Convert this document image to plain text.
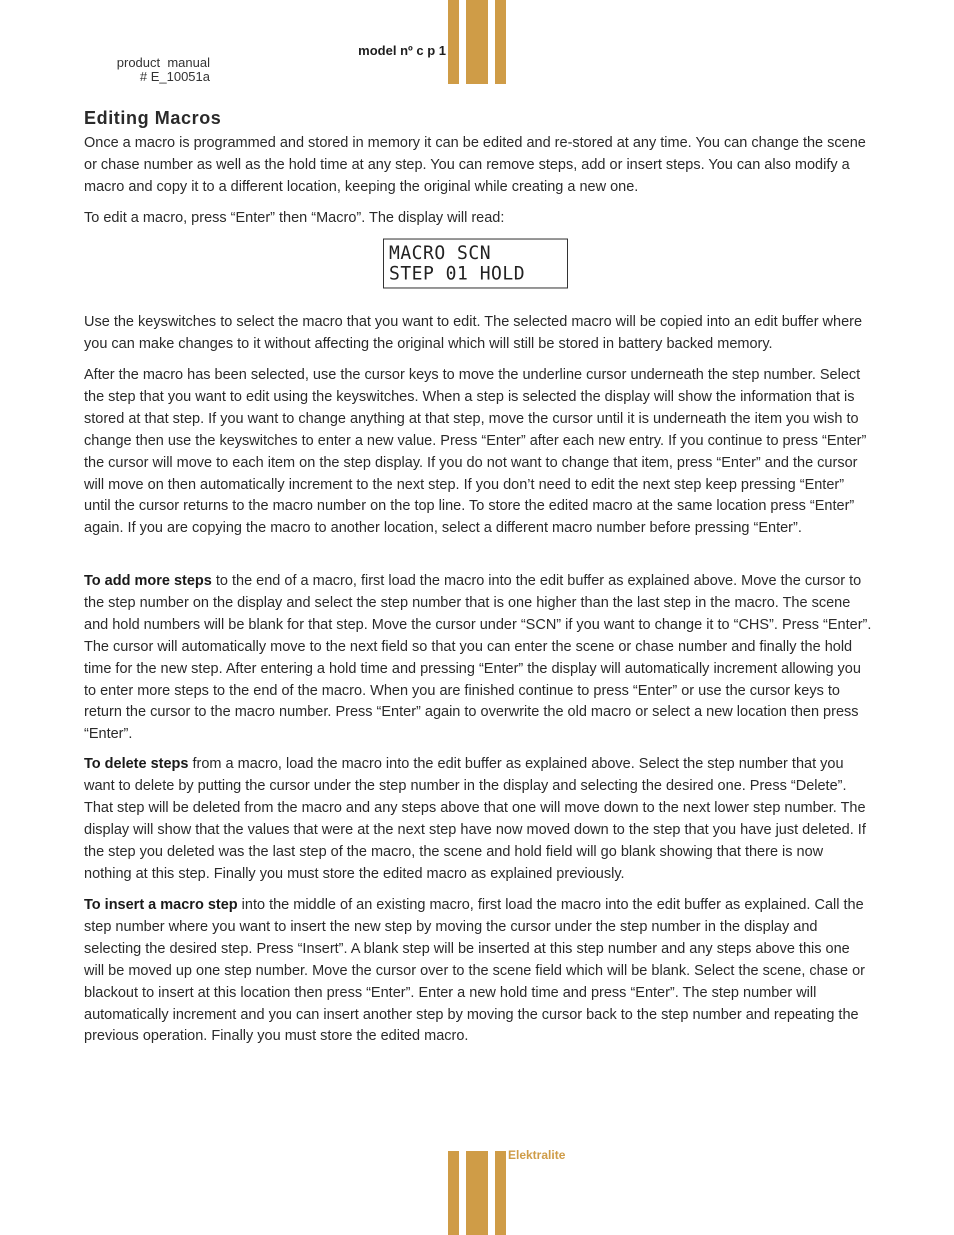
model nº c p 1
product  manual
# E_10051a
Editing Macros

Once a macro is programmed and stored in memory it can be edited and re-stored at any time. You can change the scene or chase number as well as the hold time at any step. You can remove steps, add or insert steps. You can also modify a macro and copy it to a different location, keeping the original while creating a new one.

To edit a macro, press “Enter” then “Macro”. The display will read:

MACRO SCN
STEP 01 HOLD

Use the keyswitches to select the macro that you want to edit. The selected macro will be copied into an edit buffer where you can make changes to it without affecting the original which will still be stored in battery backed memory.

After the macro has been selected, use the cursor keys to move the underline cursor underneath the step number. Select the step that you want to edit using the keyswitches. When a step is selected the display will show the information that is stored at that step. If you want to change anything at that step, move the cursor until it is underneath the item you wish to change then use the keyswitches to enter a new value. Press “Enter” after each new entry. If you continue to press “Enter” the cursor will move to each item on the step display. If you do not want to change that item, press “Enter” and the cursor will move on then automatically increment to the next step. If you don’t need to edit the next step keep pressing “Enter” until the cursor returns to the macro number on the top line. To store the edited macro at the same location press “Enter” again. If you are copying the macro to another location, select a different macro number before pressing “Enter”.

To add more steps to the end of a macro, first load the macro into the edit buffer as explained above. Move the cursor to the step number on the display and select the step number that is one higher than the last step in the macro. The scene and hold numbers will be blank for that step. Move the cursor under “SCN” if you want to change it to “CHS”. Press “Enter”. The cursor will automatically move to the next field so that you can enter the scene or chase number and finally the hold time for the new step. After entering a hold time and pressing “Enter” the display will automatically increment allowing you to enter more steps to the end of the macro. When you are finished continue to press “Enter” or use the cursor keys to return the cursor to the macro number. Press “Enter” again to overwrite the old macro or select a new location then press “Enter”.

To delete steps from a macro, load the macro into the edit buffer as explained above. Select the step number that you want to delete by putting the cursor under the step number in the display and selecting the desired one. Press “Delete”. That step will be deleted from the macro and any steps above that one will move down to the next lower step number. The display will show that the values that were at the next step have now moved down to the step that you have just deleted. If the step you deleted was the last step of the macro, the scene and hold field will go blank showing that there is now nothing at this step. Finally you must store the edited macro as explained previously.

To insert a macro step into the middle of an existing macro, first load the macro into the edit buffer as explained. Call the step number where you want to insert the new step by moving the cursor under the step number in the display and selecting the desired step. Press “Insert”. A blank step will be inserted at this step number and any steps above this one will be moved up one step number. Move the cursor over to the scene field which will be blank. Select the scene, chase or blackout to insert at this location then press “Enter”. Enter a new hold time and press “Enter”. The step number will automatically increment and you can insert another step by moving the cursor back to the step number and repeating the previous operation. Finally you must store the edited macro.

Elektralite
